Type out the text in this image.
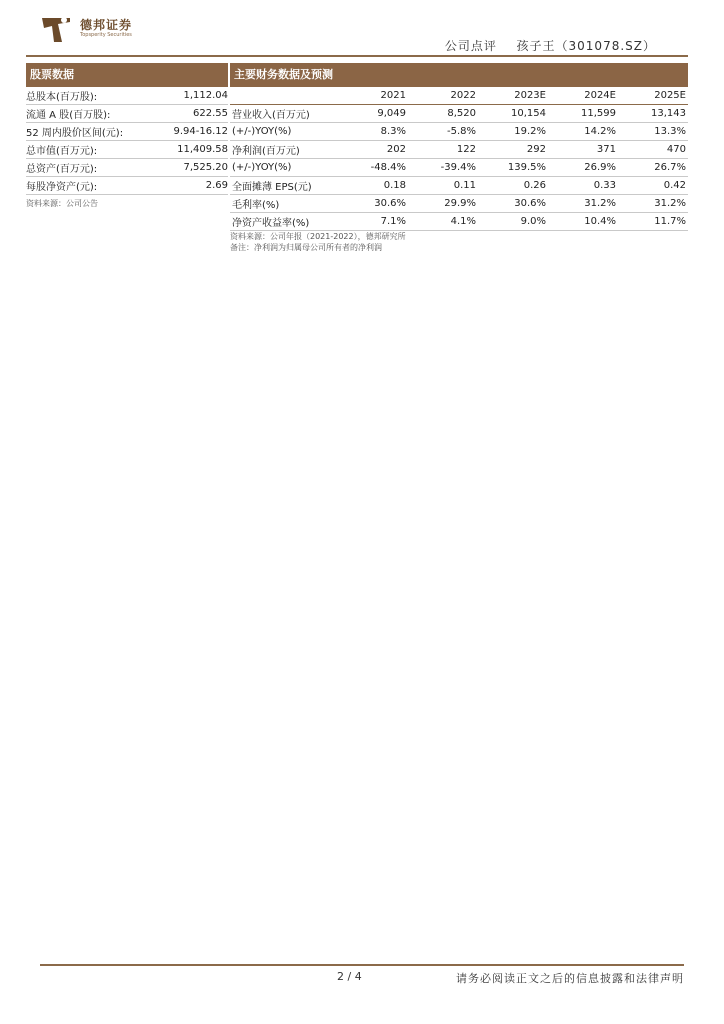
德邦证券
Topsperity Securities
公司点评 孩子王（301078.SZ）
股票数据
总股本(百万股):	1,112.04
流通 A 股(百万股):	622.55
52 周内股价区间(元):	9.94-16.12
总市值(百万元):	11,409.58
总资产(百万元):	7,525.20
每股净资产(元):	2.69
资料来源：公司公告
主要财务数据及预测
	2021	2022	2023E	2024E	2025E
营业收入(百万元)	9,049	8,520	10,154	11,599	13,143
(+/-)YOY(%)	8.3%	-5.8%	19.2%	14.2%	13.3%
净利润(百万元)	202	122	292	371	470
(+/-)YOY(%)	-48.4%	-39.4%	139.5%	26.9%	26.7%
全面摊薄 EPS(元)	0.18	0.11	0.26	0.33	0.42
毛利率(%)	30.6%	29.9%	30.6%	31.2%	31.2%
净资产收益率(%)	7.1%	4.1%	9.0%	10.4%	11.7%
资料来源：公司年报（2021-2022），德邦研究所
备注：净利润为归属母公司所有者的净利润
2 / 4	请务必阅读正文之后的信息披露和法律声明
